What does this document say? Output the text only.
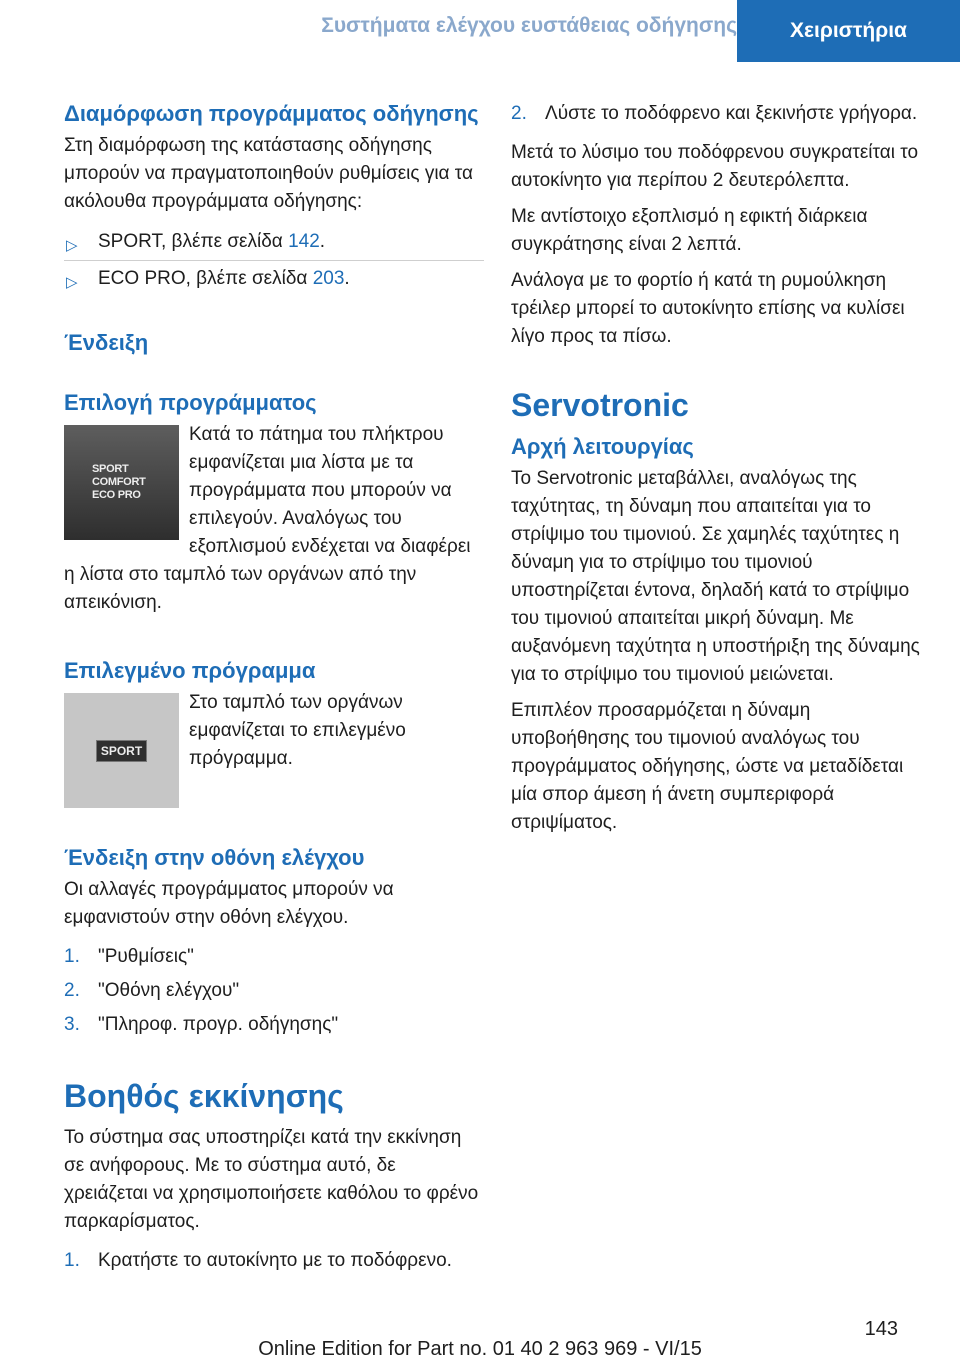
Συστήματα ελέγχου ευστάθειας οδήγησης	Χειριστήρια
Διαμόρφωση προγράμματος οδήγησης

Στη διαμόρφωση της κατάστασης οδήγησης μπορούν να πραγματοποιηθούν ρυθμίσεις για τα ακόλουθα προγράμματα οδήγησης:

▷ SPORT, βλέπε σελίδα 142.
▷ ECO PRO, βλέπε σελίδα 203.
Ένδειξη
Επιλογή προγράμματος
SPORT
COMFORT
ECO PRO

Κατά το πάτημα του πλήκτρου εμφανίζεται μια λίστα με τα προγράμματα που μπορούν να επιλεγούν. Αναλόγως του εξοπλισμού ενδέχεται να διαφέρει η λίστα στο ταμπλό των οργάνων από την απεικόνιση.

Επιλεγμένο πρόγραμμα
SPORT

Στο ταμπλό των οργάνων εμφανίζεται το επιλεγμένο πρόγραμμα.

Ένδειξη στην οθόνη ελέγχου

Οι αλλαγές προγράμματος μπορούν να εμφανιστούν στην οθόνη ελέγχου.

1. "Ρυθμίσεις"
2. "Οθόνη ελέγχου"
3. "Πληροφ. προγρ. οδήγησης"
Βοηθός εκκίνησης

Το σύστημα σας υποστηρίζει κατά την εκκίνηση σε ανήφορους. Με το σύστημα αυτό, δε χρειάζεται να χρησιμοποιήσετε καθόλου το φρένο παρκαρίσματος.

1. Κρατήστε το αυτοκίνητο με το ποδόφρενο.
2. Λύστε το ποδόφρενο και ξεκινήστε γρήγορα.

Μετά το λύσιμο του ποδόφρενου συγκρατείται το αυτοκίνητο για περίπου 2 δευτερόλεπτα.

Με αντίστοιχο εξοπλισμό η εφικτή διάρκεια συγκράτησης είναι 2 λεπτά.

Ανάλογα με το φορτίο ή κατά τη ρυμούλκηση τρέιλερ μπορεί το αυτοκίνητο επίσης να κυλίσει λίγο προς τα πίσω.

Servotronic
Αρχή λειτουργίας

Το Servotronic μεταβάλλει, αναλόγως της ταχύτητας, τη δύναμη που απαιτείται για το στρίψιμο του τιμονιού. Σε χαμηλές ταχύτητες η δύναμη για το στρίψιμο του τιμονιού υποστηρίζεται έντονα, δηλαδή κατά το στρίψιμο του τιμονιού απαιτείται μικρή δύναμη. Με αυξανόμενη ταχύτητα η υποστήριξη της δύναμης για το στρίψιμο του τιμονιού μειώνεται.

Επιπλέον προσαρμόζεται η δύναμη υποβοήθησης του τιμονιού αναλόγως του προγράμματος οδήγησης, ώστε να μεταδίδεται μία σπορ άμεση ή άνετη συμπεριφορά στριψίματος.

143
Online Edition for Part no. 01 40 2 963 969 - VI/15
